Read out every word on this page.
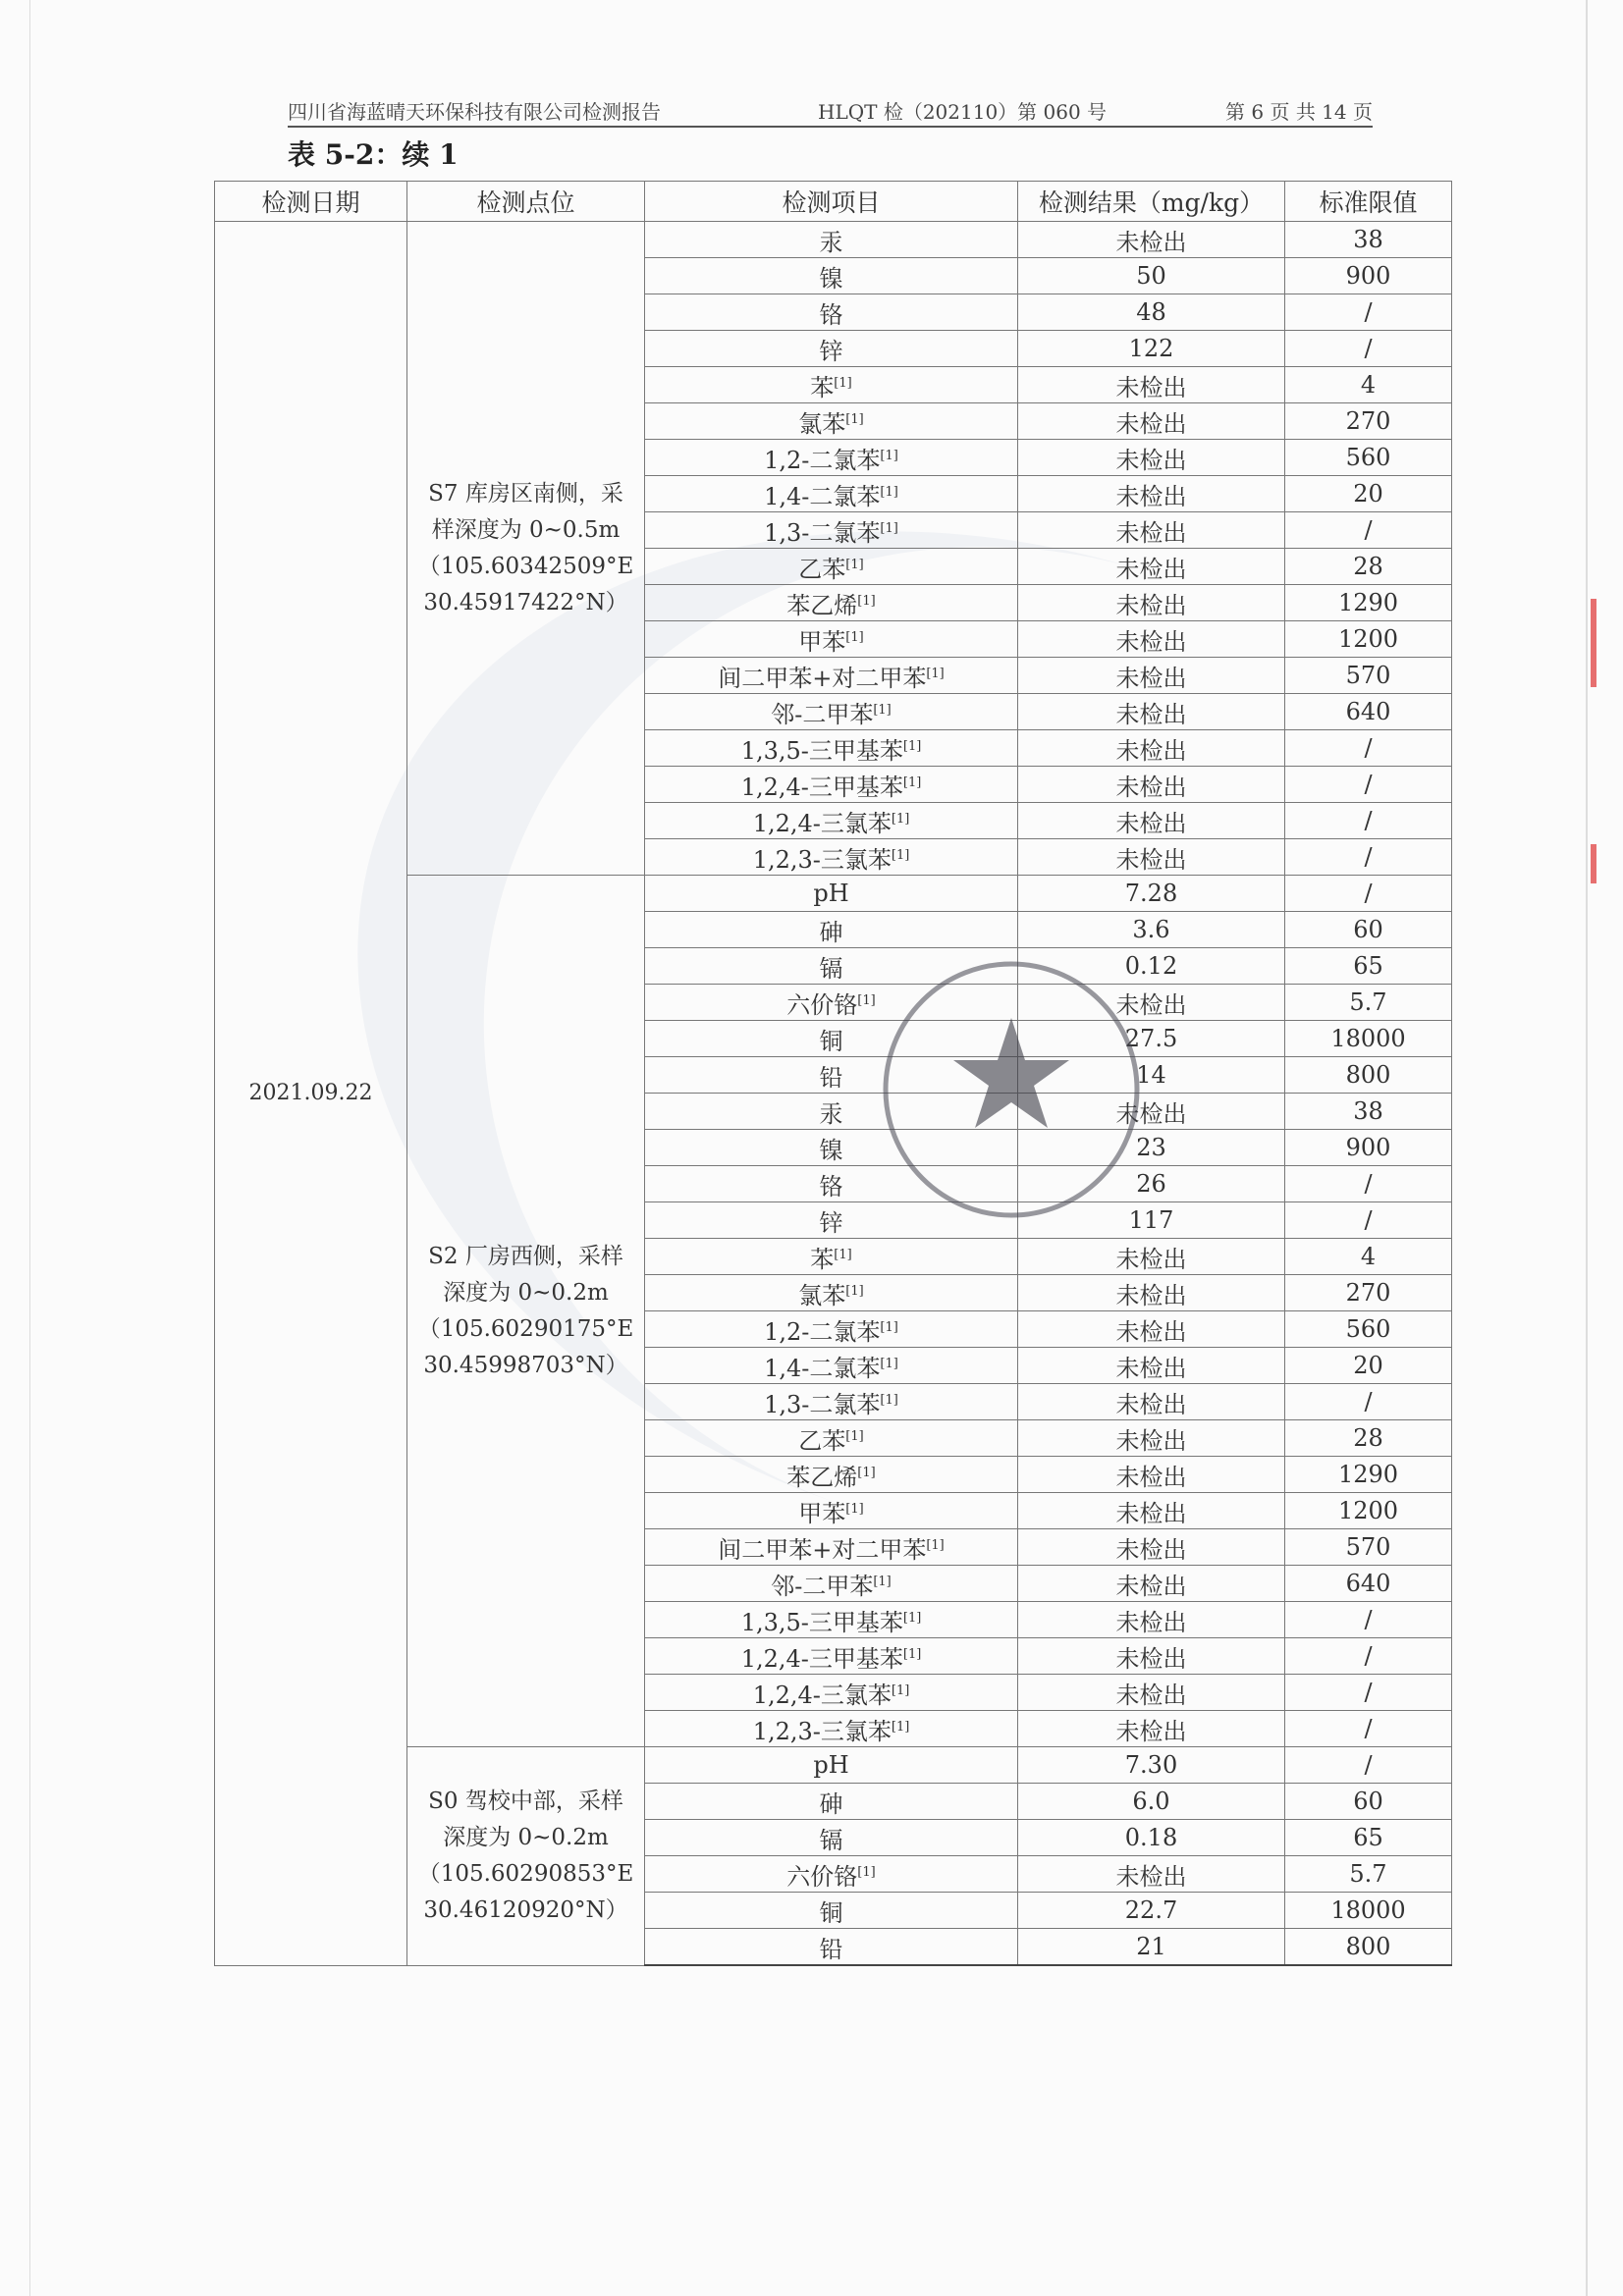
四川省海蓝晴天环保科技有限公司检测报告	HLQT 检（202110）第 060 号	第 6 页 共 14 页
表 5-2：续 1
检测日期	检测点位	检测项目	检测结果（mg/kg）	标准限值
2021.09.22	S7 库房区南侧，采
样深度为 0~0.5m
（105.60342509°E
30.45917422°N）	汞	未检出	38
		镍	50	900
		铬	48	/
		锌	122	/
		苯[1]	未检出	4
		氯苯[1]	未检出	270
		1,2-二氯苯[1]	未检出	560
		1,4-二氯苯[1]	未检出	20
		1,3-二氯苯[1]	未检出	/
		乙苯[1]	未检出	28
		苯乙烯[1]	未检出	1290
		甲苯[1]	未检出	1200
		间二甲苯+对二甲苯[1]	未检出	570
		邻-二甲苯[1]	未检出	640
		1,3,5-三甲基苯[1]	未检出	/
		1,2,4-三甲基苯[1]	未检出	/
		1,2,4-三氯苯[1]	未检出	/
		1,2,3-三氯苯[1]	未检出	/

	S2 厂房西侧，采样
深度为 0~0.2m
（105.60290175°E
30.45998703°N）	pH	7.28	/
		砷	3.6	60
		镉	0.12	65
		六价铬[1]	未检出	5.7
		铜	27.5	18000
		铅	14	800
		汞	未检出	38
		镍	23	900
		铬	26	/
		锌	117	/
		苯[1]	未检出	4
		氯苯[1]	未检出	270
		1,2-二氯苯[1]	未检出	560
		1,4-二氯苯[1]	未检出	20
		1,3-二氯苯[1]	未检出	/
		乙苯[1]	未检出	28
		苯乙烯[1]	未检出	1290
		甲苯[1]	未检出	1200
		间二甲苯+对二甲苯[1]	未检出	570
		邻-二甲苯[1]	未检出	640
		1,3,5-三甲基苯[1]	未检出	/
		1,2,4-三甲基苯[1]	未检出	/
		1,2,4-三氯苯[1]	未检出	/
		1,2,3-三氯苯[1]	未检出	/

	S0 驾校中部，采样
深度为 0~0.2m
（105.60290853°E
30.46120920°N）	pH	7.30	/
		砷	6.0	60
		镉	0.18	65
		六价铬[1]	未检出	5.7
		铜	22.7	18000
		铅	21	800
